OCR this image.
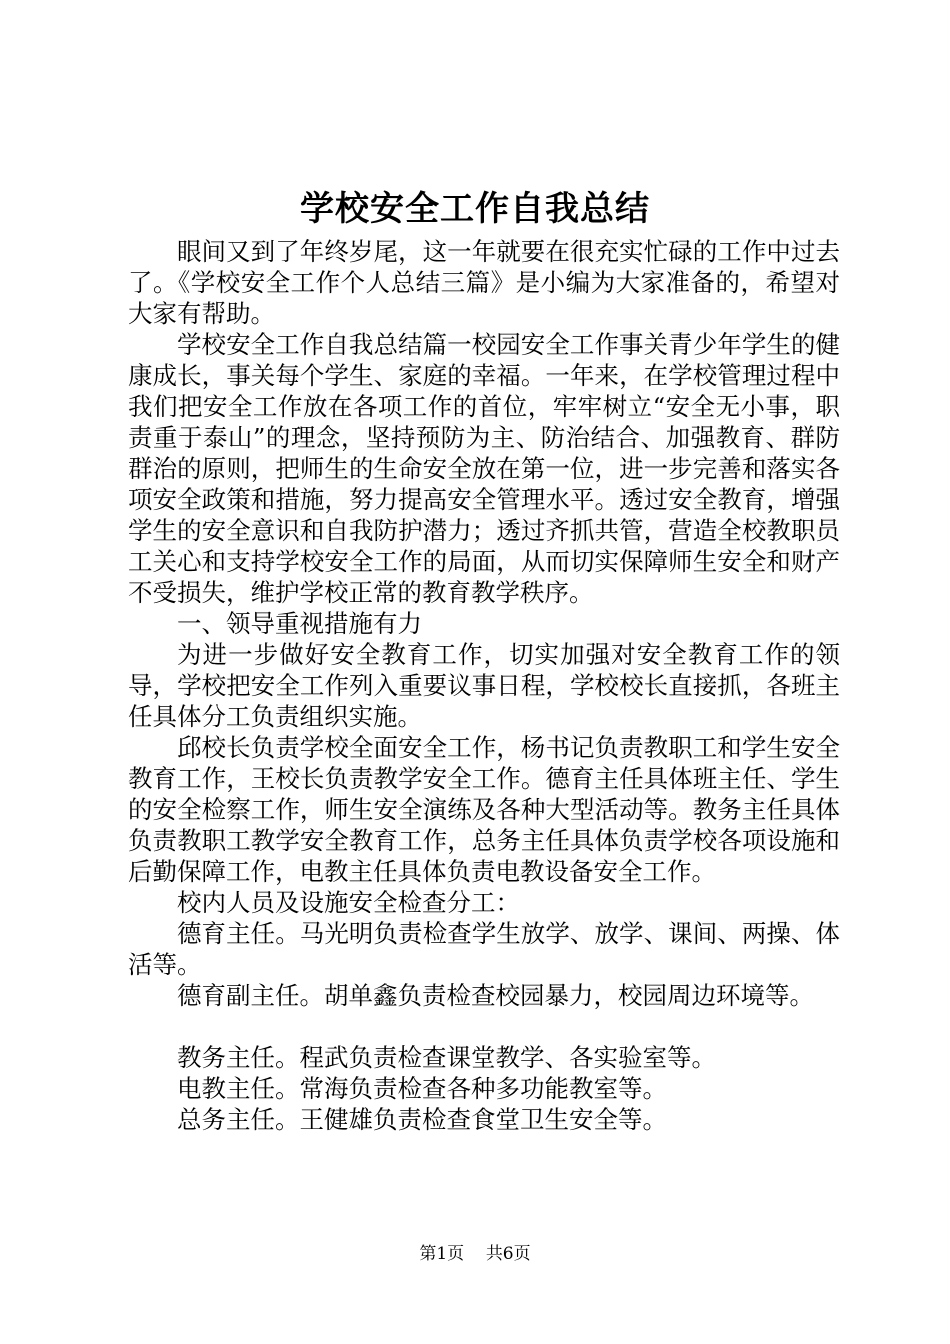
学校安全工作自我总结

眼间又到了年终岁尾，这一年就要在很充实忙碌的工作中过去了。《学校安全工作个人总结三篇》是小编为大家准备的，希望对大家有帮助。

学校安全工作自我总结篇一校园安全工作事关青少年学生的健康成长，事关每个学生、家庭的幸福。一年来，在学校管理过程中我们把安全工作放在各项工作的首位，牢牢树立“安全无小事，职责重于泰山”的理念，坚持预防为主、防治结合、加强教育、群防群治的原则，把师生的生命安全放在第一位，进一步完善和落实各项安全政策和措施，努力提高安全管理水平。透过安全教育，增强学生的安全意识和自我防护潜力；透过齐抓共管，营造全校教职员工关心和支持学校安全工作的局面，从而切实保障师生安全和财产不受损失，维护学校正常的教育教学秩序。

一、领导重视措施有力

为进一步做好安全教育工作，切实加强对安全教育工作的领导，学校把安全工作列入重要议事日程，学校校长直接抓，各班主任具体分工负责组织实施。

邱校长负责学校全面安全工作，杨书记负责教职工和学生安全教育工作，王校长负责教学安全工作。德育主任具体班主任、学生的安全检察工作，师生安全演练及各种大型活动等。教务主任具体负责教职工教学安全教育工作，总务主任具体负责学校各项设施和后勤保障工作，电教主任具体负责电教设备安全工作。

校内人员及设施安全检查分工：

德育主任。马光明负责检查学生放学、放学、课间、两操、体活等。

德育副主任。胡单鑫负责检查校园暴力，校园周边环境等。

教务主任。程武负责检查课堂教学、各实验室等。

电教主任。常海负责检查各种多功能教室等。

总务主任。王健雄负责检查食堂卫生安全等。

第1页 共6页
